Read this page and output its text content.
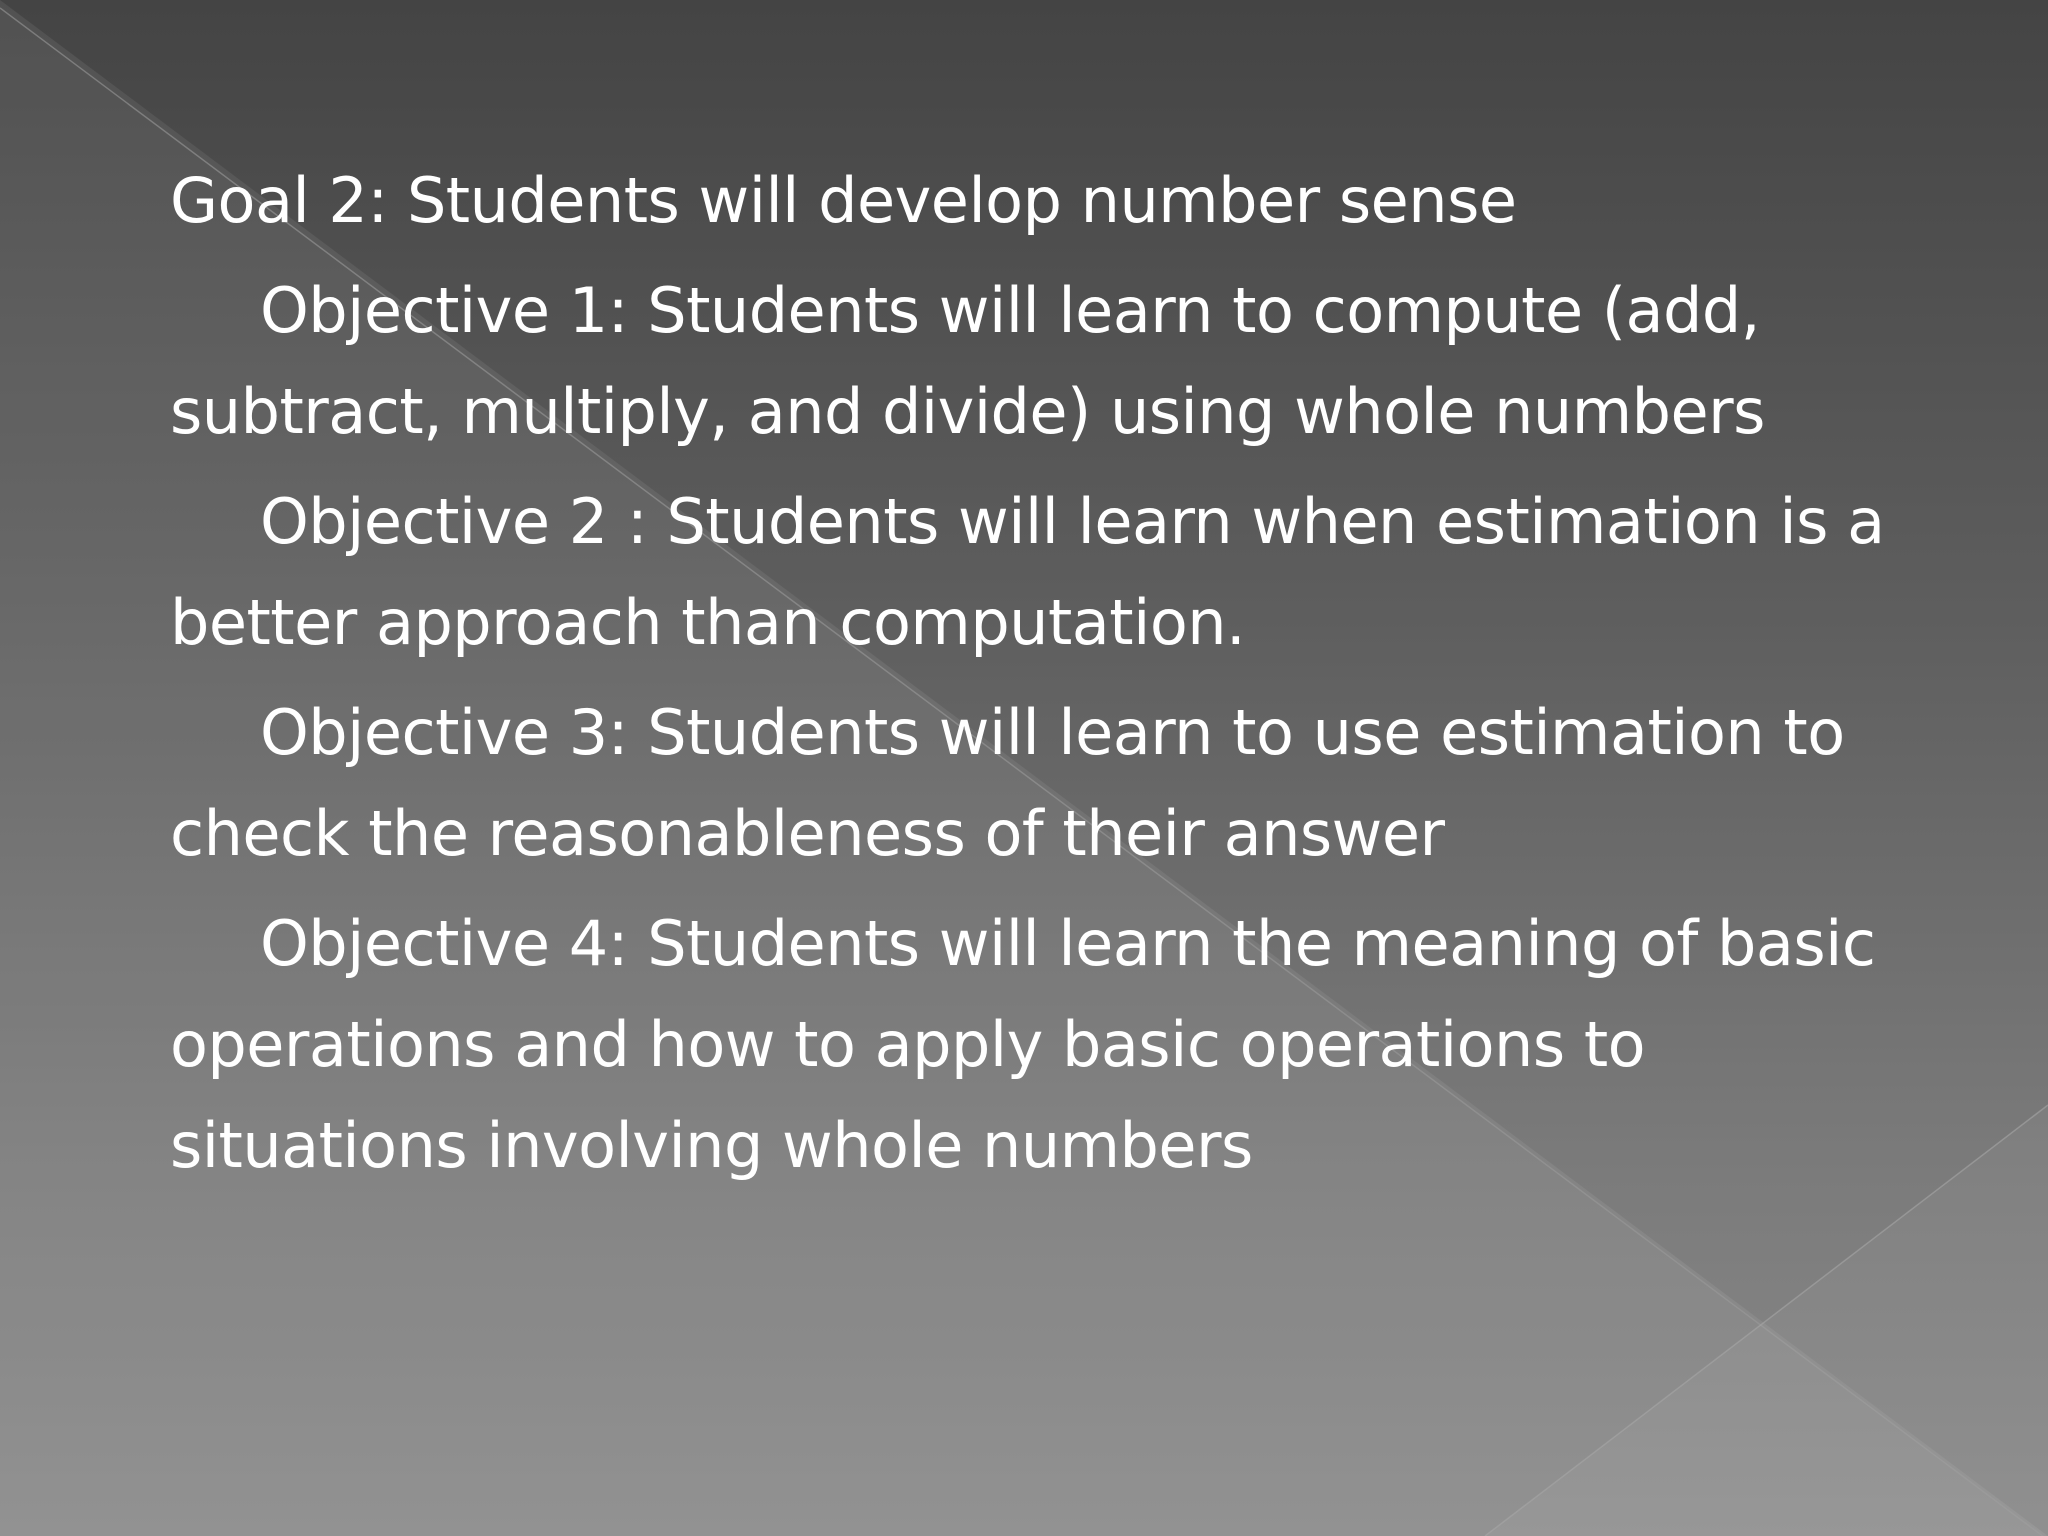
Goal 2: Students will develop number sense

Objective 1: Students will learn to compute (add, subtract, multiply, and divide) using whole numbers

Objective 2 : Students will learn when estimation is a better approach than computation.

Objective 3: Students will learn to use estimation to check the reasonableness of their answer

Objective 4: Students will learn the meaning of basic operations and how to apply basic operations to situations involving whole numbers
